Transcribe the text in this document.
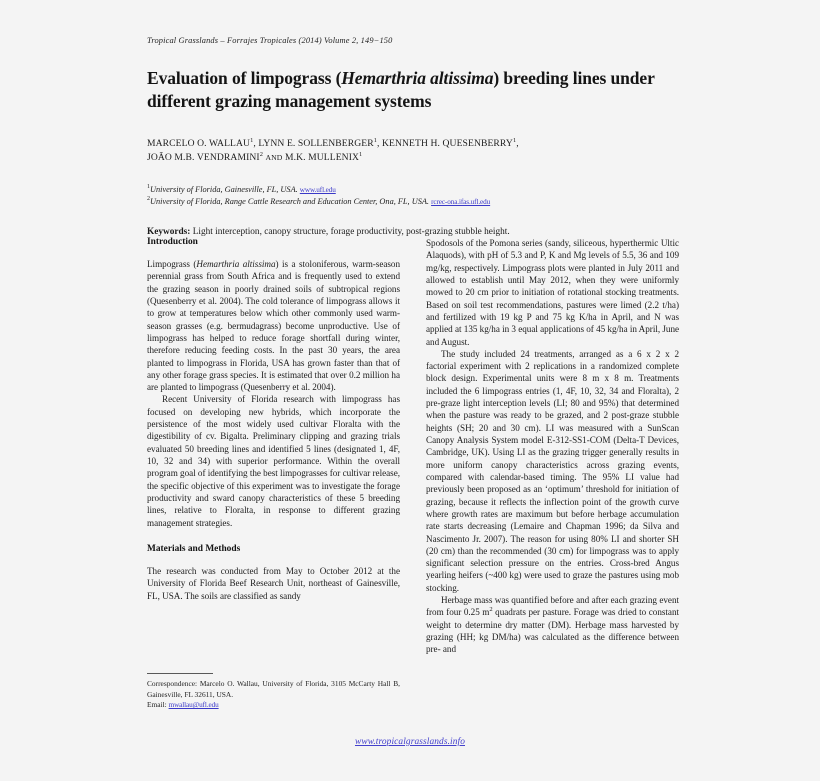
Tropical Grasslands – Forrajes Tropicales (2014) Volume 2, 149−150
Evaluation of limpograss (Hemarthria altissima) breeding lines under different grazing management systems
MARCELO O. WALLAU$^1$, LYNN E. SOLLENBERGER$^1$, KENNETH H. QUESENBERRY$^1$,
JOÃO M.B. VENDRAMINI$^2$ AND M.K. MULLENIX$^1$
$^1$University of Florida, Gainesville, FL, USA. www.ufl.edu
$^2$University of Florida, Range Cattle Research and Education Center, Ona, FL, USA. rcrec-ona.ifas.ufl.edu
Keywords: Light interception, canopy structure, forage productivity, post-grazing stubble height.
Introduction

Limpograss (Hemarthria altissima) is a stoloniferous, warm-season perennial grass from South Africa and is frequently used to extend the grazing season in poorly drained soils of subtropical regions (Quesenberry et al. 2004). The cold tolerance of limpograss allows it to grow at temperatures below which other commonly used warm-season grasses (e.g. bermudagrass) become unproductive. Use of limpograss has helped to reduce forage shortfall during winter, therefore reducing feeding costs. In the past 30 years, the area planted to limpograss in Florida, USA has grown faster than that of any other forage grass species. It is estimated that over 0.2 million ha are planted to limpograss (Quesenberry et al. 2004).

Recent University of Florida research with limpograss has focused on developing new hybrids, which incorporate the persistence of the most widely used cultivar Floralta with the digestibility of cv. Bigalta. Preliminary clipping and grazing trials evaluated 50 breeding lines and identified 5 lines (designated 1, 4F, 10, 32 and 34) with superior performance. Within the overall program goal of identifying the best limpograsses for cultivar release, the specific objective of this experiment was to investigate the forage productivity and sward canopy characteristics of these 5 breeding lines, relative to Floralta, in response to different grazing management strategies.

Materials and Methods

The research was conducted from May to October 2012 at the University of Florida Beef Research Unit, northeast of Gainesville, FL, USA. The soils are classified as sandy

Spodosols of the Pomona series (sandy, siliceous, hyperthermic Ultic Alaquods), with pH of 5.3 and P, K and Mg levels of 5.5, 36 and 109 mg/kg, respectively. Limpograss plots were planted in July 2011 and allowed to establish until May 2012, when they were uniformly mowed to 20 cm prior to initiation of rotational stocking treatments. Based on soil test recommendations, pastures were limed (2.2 t/ha) and fertilized with 19 kg P and 75 kg K/ha in April, and N was applied at 135 kg/ha in 3 equal applications of 45 kg/ha in April, June and August.

The study included 24 treatments, arranged as a 6 x 2 x 2 factorial experiment with 2 replications in a randomized complete block design. Experimental units were 8 m x 8 m. Treatments included the 6 limpograss entries (1, 4F, 10, 32, 34 and Floralta), 2 pre-graze light interception levels (LI; 80 and 95%) that determined when the pasture was ready to be grazed, and 2 post-graze stubble heights (SH; 20 and 30 cm). LI was measured with a SunScan Canopy Analysis System model E-312-SS1-COM (Delta-T Devices, Cambridge, UK). Using LI as the grazing trigger generally results in more uniform canopy characteristics across grazing events, compared with calendar-based timing. The 95% LI value had previously been proposed as an ‘optimum’ threshold for initiation of grazing, because it reflects the inflection point of the growth curve where growth rates are maximum but before herbage accumulation rate starts decreasing (Lemaire and Chapman 1996; da Silva and Nascimento Jr. 2007). The reason for using 80% LI and shorter SH (20 cm) than the recommended (30 cm) for limpograss was to apply significant selection pressure on the entries. Cross-bred Angus yearling heifers (~400 kg) were used to graze the pastures using mob stocking.

Herbage mass was quantified before and after each grazing event from four 0.25 $m^2$ quadrats per pasture. Forage was dried to constant weight to determine dry matter (DM). Herbage mass harvested by grazing (HH; kg DM/ha) was calculated as the difference between pre- and

Correspondence: Marcelo O. Wallau, University of Florida, 3105 McCarty Hall B, Gainesville, FL 32611, USA.
Email: mwallau@ufl.edu
www.tropicalgrasslands.info
